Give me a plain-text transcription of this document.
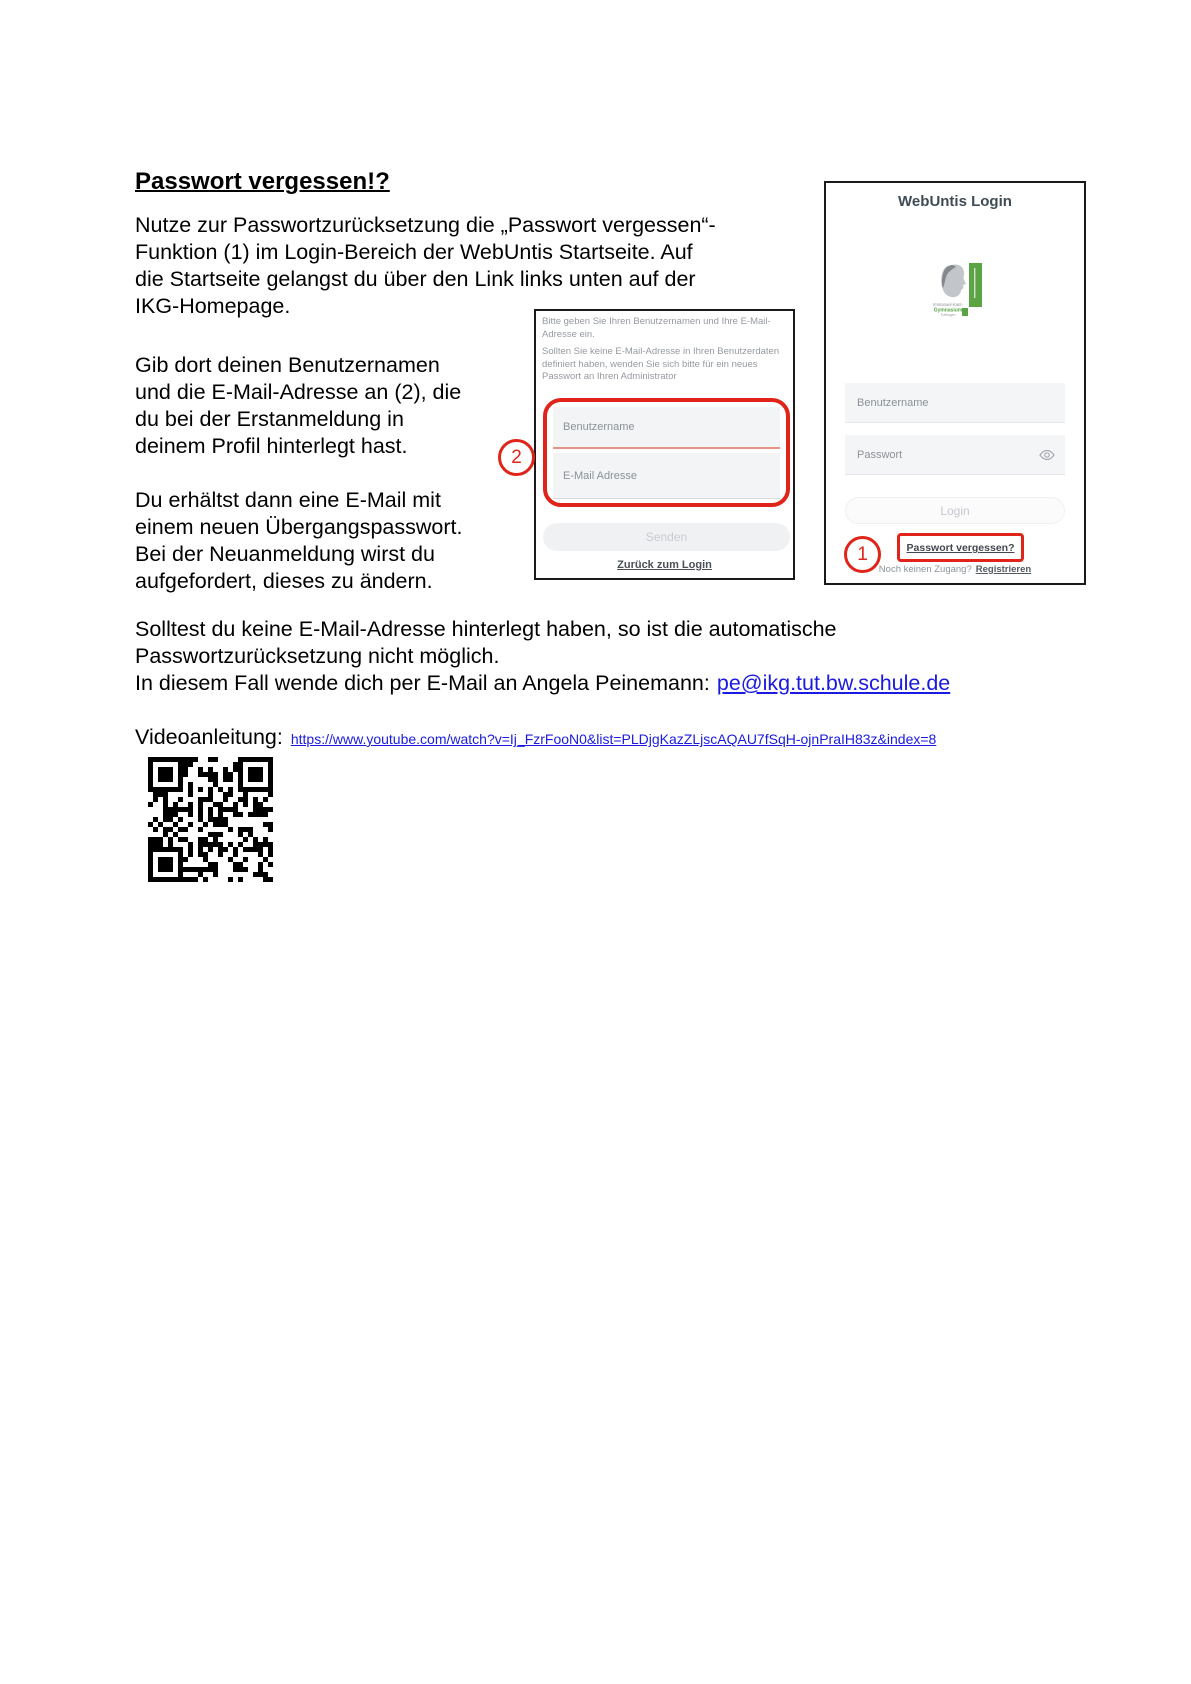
Passwort vergessen!?
Nutze zur Passwortzurücksetzung die „Passwort vergessen“-
Funktion (1) im Login-Bereich der WebUntis Startseite. Auf
die Startseite gelangst du über den Link links unten auf der
IKG-Homepage.
Gib dort deinen Benutzernamen
und die E-Mail-Adresse an (2), die
du bei der Erstanmeldung in
deinem Profil hinterlegt hast.
Du erhältst dann eine E-Mail mit
einem neuen Übergangspasswort.
Bei der Neuanmeldung wirst du
aufgefordert, dieses zu ändern.
Bitte geben Sie Ihren Benutzernamen und Ihre E-Mail-Adresse ein.
Sollten Sie keine E-Mail-Adresse in Ihren Benutzerdaten definiert haben, wenden Sie sich bitte für ein neues Passwort an Ihren Administrator
Benutzername
E-Mail Adresse
Senden
Zurück zum Login
WebUntis Login
Immanuel-Kant-
Gymnasium
Tuttlingen
Benutzername
Passwort
Login
Passwort vergessen?
Noch keinen Zugang? Registrieren
2
1
Solltest du keine E-Mail-Adresse hinterlegt haben, so ist die automatische
Passwortzurücksetzung nicht möglich.
In diesem Fall wende dich per E-Mail an Angela Peinemann: pe@ikg.tut.bw.schule.de
Videoanleitung: https://www.youtube.com/watch?v=Ij_FzrFooN0&list=PLDjgKazZLjscAQAU7fSqH-ojnPraIH83z&index=8
